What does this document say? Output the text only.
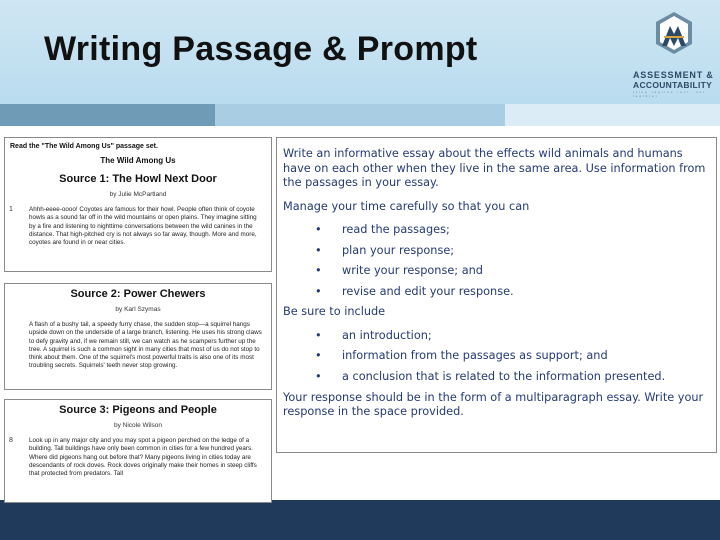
Writing Passage & Prompt
ASSESSMENT &
ACCOUNTABILITY
(fine tagline text, not legible)
Read the "The Wild Among Us" passage set.
The Wild Among Us
Source 1: The Howl Next Door
by Julie McPartland
1	Ahhh-eeee-oooo! Coyotes are famous for their howl. People often think of coyote howls as a sound far off in the wild mountains or open plains. They imagine sitting by a fire and listening to nighttime conversations between the wild canines in the distance. That high-pitched cry is not always so far away, though. More and more, coyotes are found in or near cities.
Source 2: Power Chewers
by Karl Szymas
A flash of a bushy tail, a speedy furry chase, the sudden stop—a squirrel hangs upside down on the underside of a large branch, listening. He uses his strong claws to defy gravity and, if we remain still, we can watch as he scampers further up the tree. A squirrel is such a common sight in many cities that most of us do not stop to think about them. One of the squirrel's most powerful traits is also one of its most troubling secrets. Squirrels' teeth never stop growing.
Source 3: Pigeons and People
by Nicole Wilson
8	Look up in any major city and you may spot a pigeon perched on the ledge of a building. Tall buildings have only been common in cities for a few hundred years. Where did pigeons hang out before that? Many pigeons living in cities today are descendants of rock doves. Rock doves originally make their homes in steep cliffs that protected from predators. Tall

Write an informative essay about the effects wild animals and humans have on each other when they live in the same area. Use information from the passages in your essay.

Manage your time carefully so that you can

• read the passages;
• plan your response;
• write your response; and
• revise and edit your response.

Be sure to include

• an introduction;
• information from the passages as support; and
• a conclusion that is related to the information presented.

Your response should be in the form of a multiparagraph essay. Write your response in the space provided.
